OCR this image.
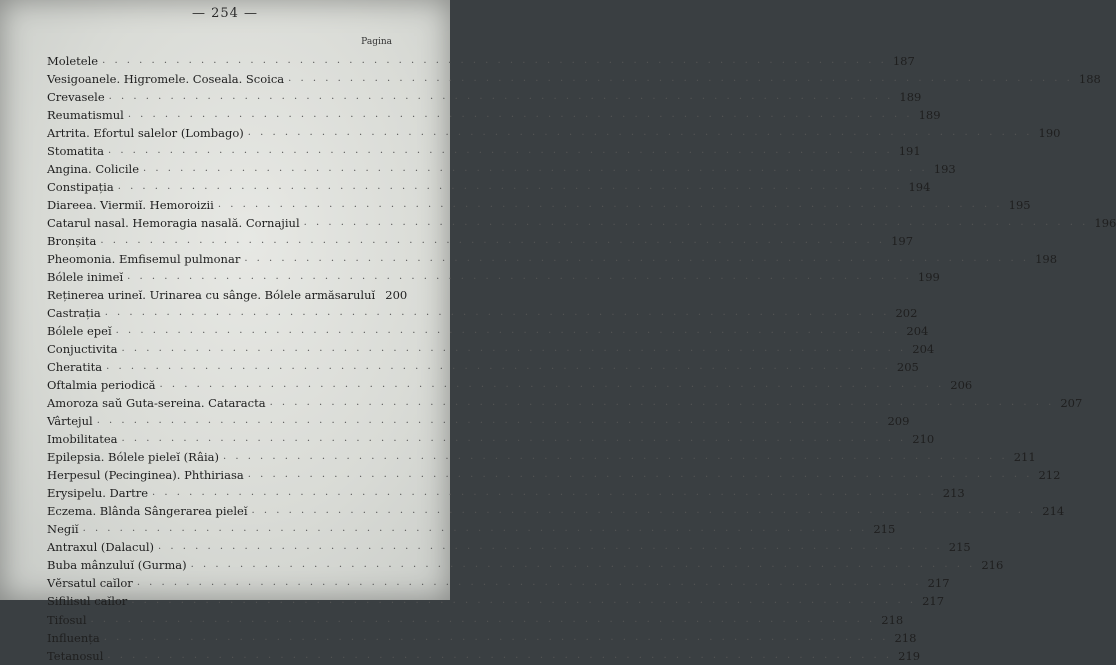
— 254 —
Pagina
Moletele . . .	187
Vesigoanele. Higromele. Coseala. Scoica . . .	188
Crevasele . . .	189
Reumatismul . . .	189
Artrita. Efortul salelor (Lombago) . . .	190
Stomatita . . .	191
Angina. Colicile . . .	193
Constipația . . .	194
Diareea. Viermiĭ. Hemoroizii . . .	195
Catarul nasal. Hemoragia nasală. Cornajiul . . .	196
Bronșita . . .	197
Pheomonia. Emfisemul pulmonar . . .	198
Bólele inimeĭ . . .	199
Reținerea urineĭ. Urinarea cu sânge. Bólele armăsaruluĭ 200
Castrația . . .	202
Bólele epeĭ . . .	204
Conjuctivita . . .	204
Cheratita . . .	205
Oftalmia periodică . . .	206
Amoroza saŭ Guta-sereina. Cataracta . . .	207
Vârtejul . . .	209
Imobilitatea . . .	210
Epilepsia. Bólele pieleĭ (Râia) . . .	211
Herpesul (Pecinginea). Phthiriasa . . .	212
Erysipelu. Dartre . . .	213
Eczema. Blânda Sângerarea pieleĭ . . .	214
Negiĭ . . .	215
Antraxul (Dalacul) . . .	215
Buba mânzuluĭ (Gurma) . . .	216
Vĕrsatul caĭlor . . .	217
Sifilisul caĭlor . . .	217
Tifosul . . .	218
Influența . . .	218
Tetanosul . . .	219
